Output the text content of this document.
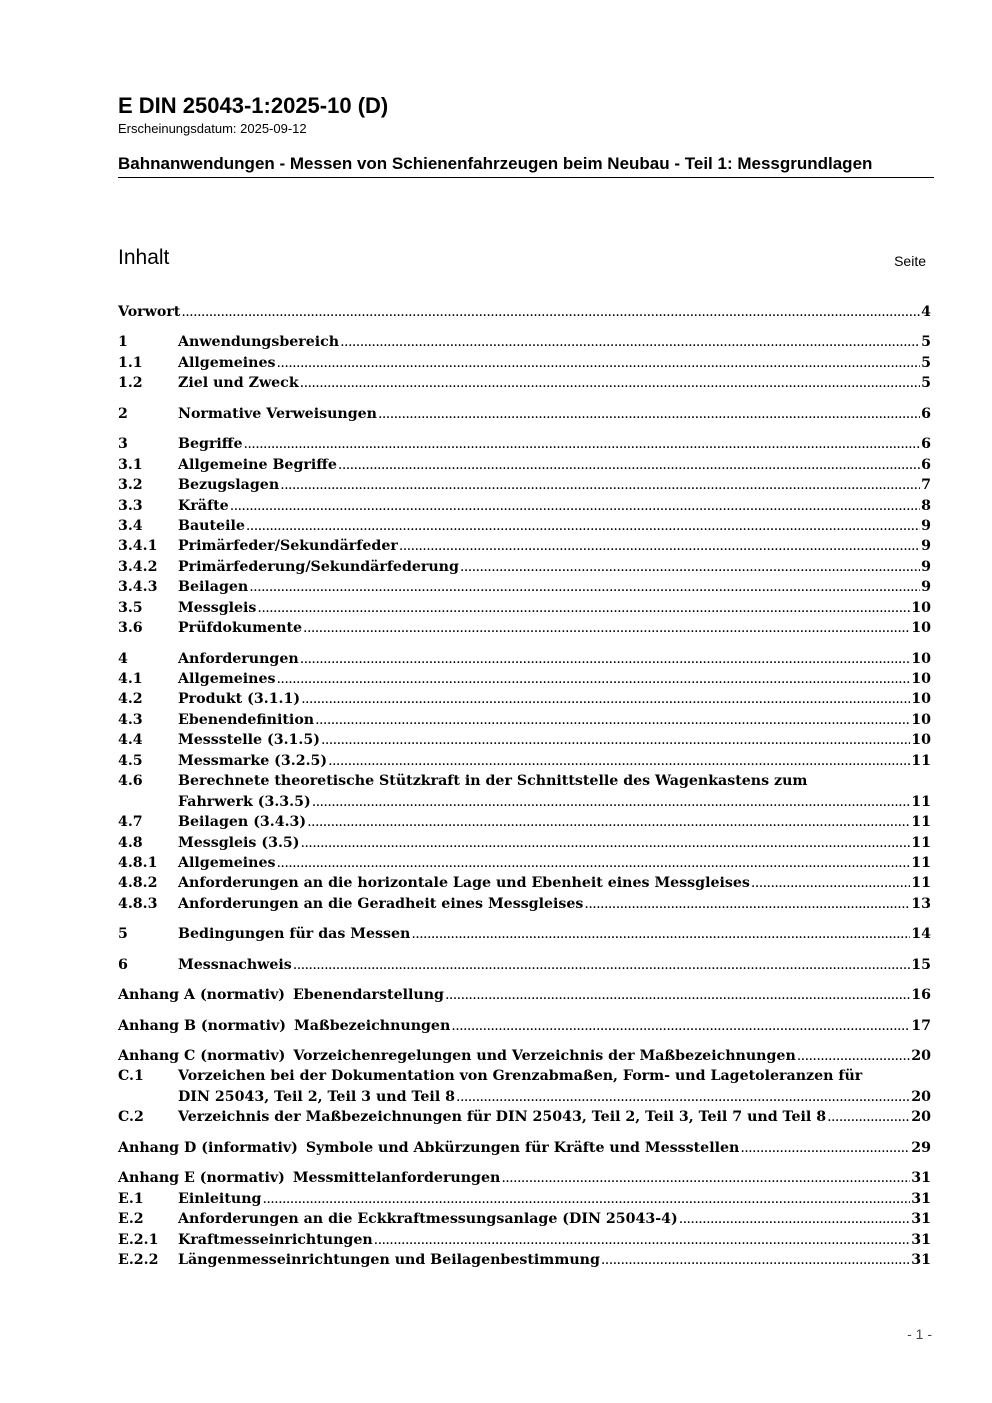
E DIN 25043-1:2025-10 (D)

Erscheinungsdatum: 2025-09-12

Bahnanwendungen - Messen von Schienenfahrzeugen beim Neubau - Teil 1: Messgrundlagen

Inhalt	Seite
Vorwort .....	4
1	Anwendungsbereich .....	5
1.1	Allgemeines .....	5
1.2	Ziel und Zweck .....	5
2	Normative Verweisungen .....	6
3	Begriffe .....	6
3.1	Allgemeine Begriffe .....	6
3.2	Bezugslagen .....	7
3.3	Kräfte .....	8
3.4	Bauteile .....	9
3.4.1	Primärfeder/Sekundärfeder .....	9
3.4.2	Primärfederung/Sekundärfederung .....	9
3.4.3	Beilagen .....	9
3.5	Messgleis .....	10
3.6	Prüfdokumente .....	10
4	Anforderungen .....	10
4.1	Allgemeines .....	10
4.2	Produkt (3.1.1) .....	10
4.3	Ebenendefinition .....	10
4.4	Messstelle (3.1.5) .....	10
4.5	Messmarke (3.2.5) .....	11
4.6	Berechnete theoretische Stützkraft in der Schnittstelle des Wagenkastens zum
Fahrwerk (3.3.5) .....	11
4.7	Beilagen (3.4.3) .....	11
4.8	Messgleis (3.5) .....	11
4.8.1	Allgemeines .....	11
4.8.2	Anforderungen an die horizontale Lage und Ebenheit eines Messgleises .....	11
4.8.3	Anforderungen an die Geradheit eines Messgleises .....	13
5	Bedingungen für das Messen .....	14
6	Messnachweis .....	15
Anhang A (normativ) Ebenendarstellung .....	16
Anhang B (normativ) Maßbezeichnungen .....	17
Anhang C (normativ) Vorzeichenregelungen und Verzeichnis der Maßbezeichnungen .....	20
C.1	Vorzeichen bei der Dokumentation von Grenzabmaßen, Form- und Lagetoleranzen für
DIN 25043, Teil 2, Teil 3 und Teil 8 .....	20
C.2	Verzeichnis der Maßbezeichnungen für DIN 25043, Teil 2, Teil 3, Teil 7 und Teil 8 .....	20
Anhang D (informativ) Symbole und Abkürzungen für Kräfte und Messstellen .....	29
Anhang E (normativ) Messmittelanforderungen .....	31
E.1	Einleitung .....	31
E.2	Anforderungen an die Eckkraftmessungsanlage (DIN 25043-4) .....	31
E.2.1	Kraftmesseinrichtungen .....	31
E.2.2	Längenmesseinrichtungen und Beilagenbestimmung .....	31
- 1 -
